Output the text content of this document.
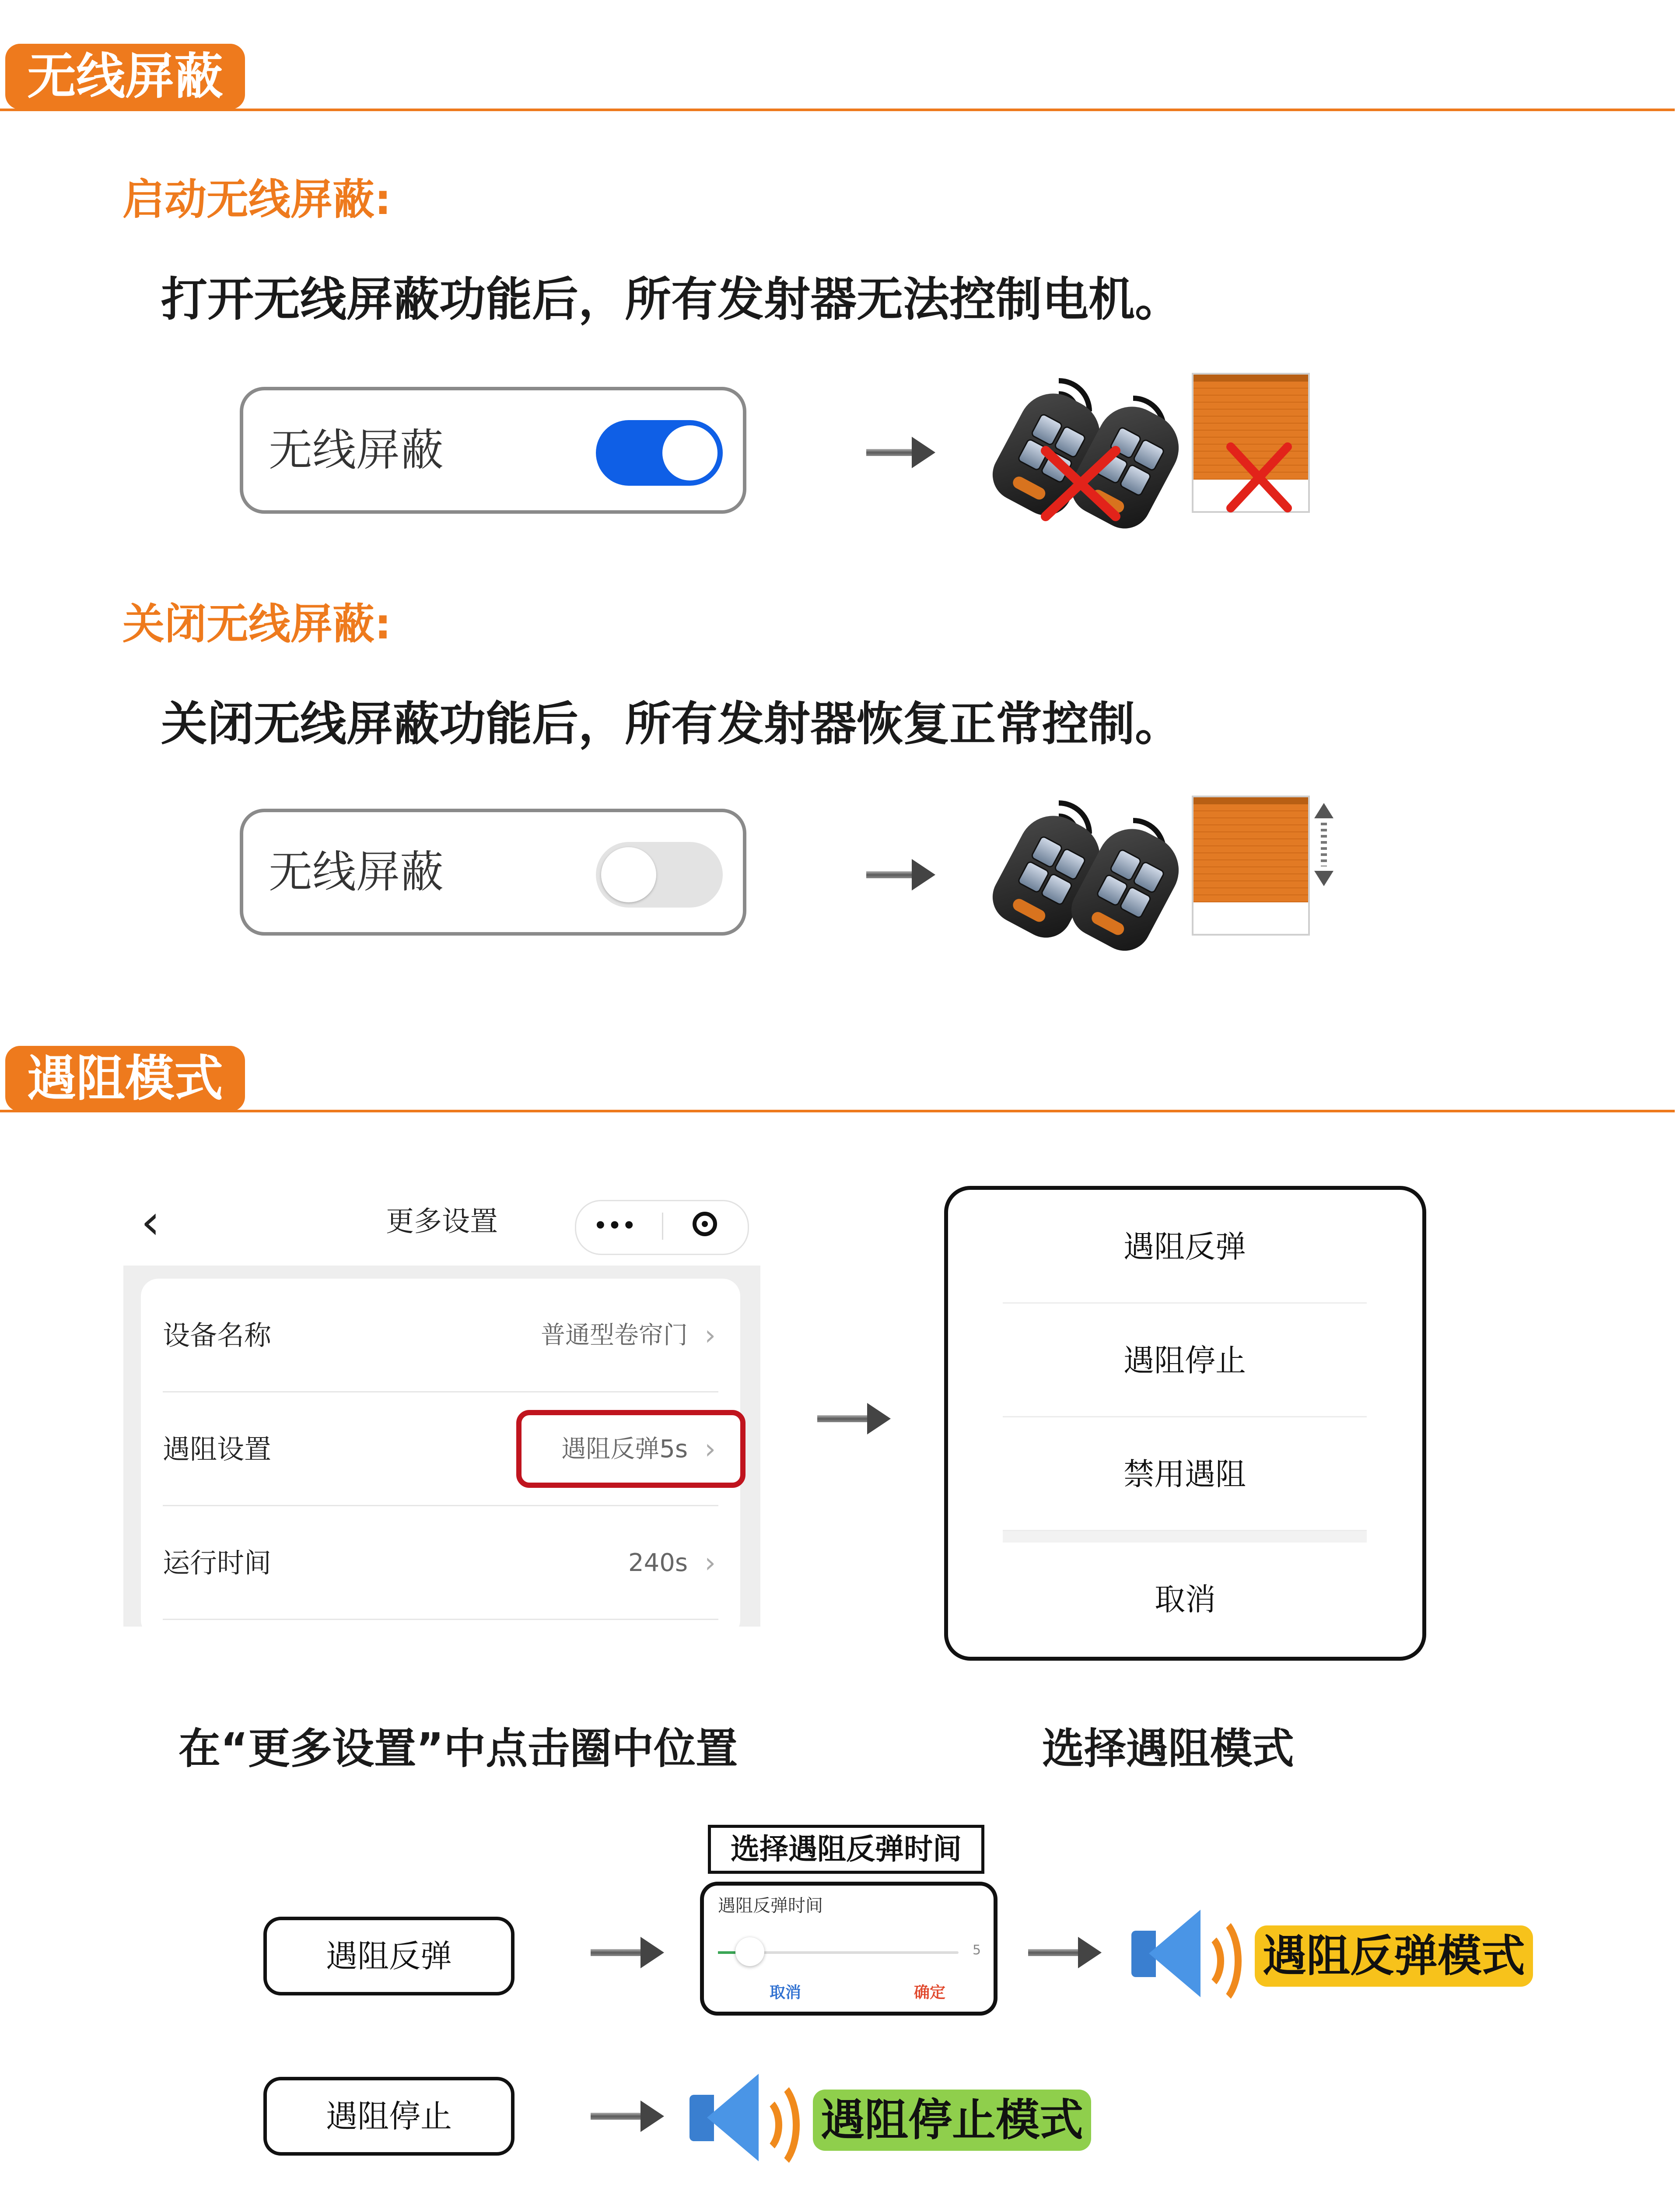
无线屏蔽
启动无线屏蔽:
打开无线屏蔽功能后，所有发射器无法控制电机。
无线屏蔽
关闭无线屏蔽:
关闭无线屏蔽功能后，所有发射器恢复正常控制。
无线屏蔽
遇阻模式
‹	更多设置	•••
设备名称	普通型卷帘门 ›
遇阻设置	遇阻反弹5s ›
运行时间	240s ›
遇阻反弹
遇阻停止
禁用遇阻
取消
在“更多设置”中点击圈中位置	选择遇阻模式
选择遇阻反弹时间
遇阻反弹时间
5
取消	确定
遇阻反弹	遇阻反弹模式
遇阻停止	遇阻停止模式
